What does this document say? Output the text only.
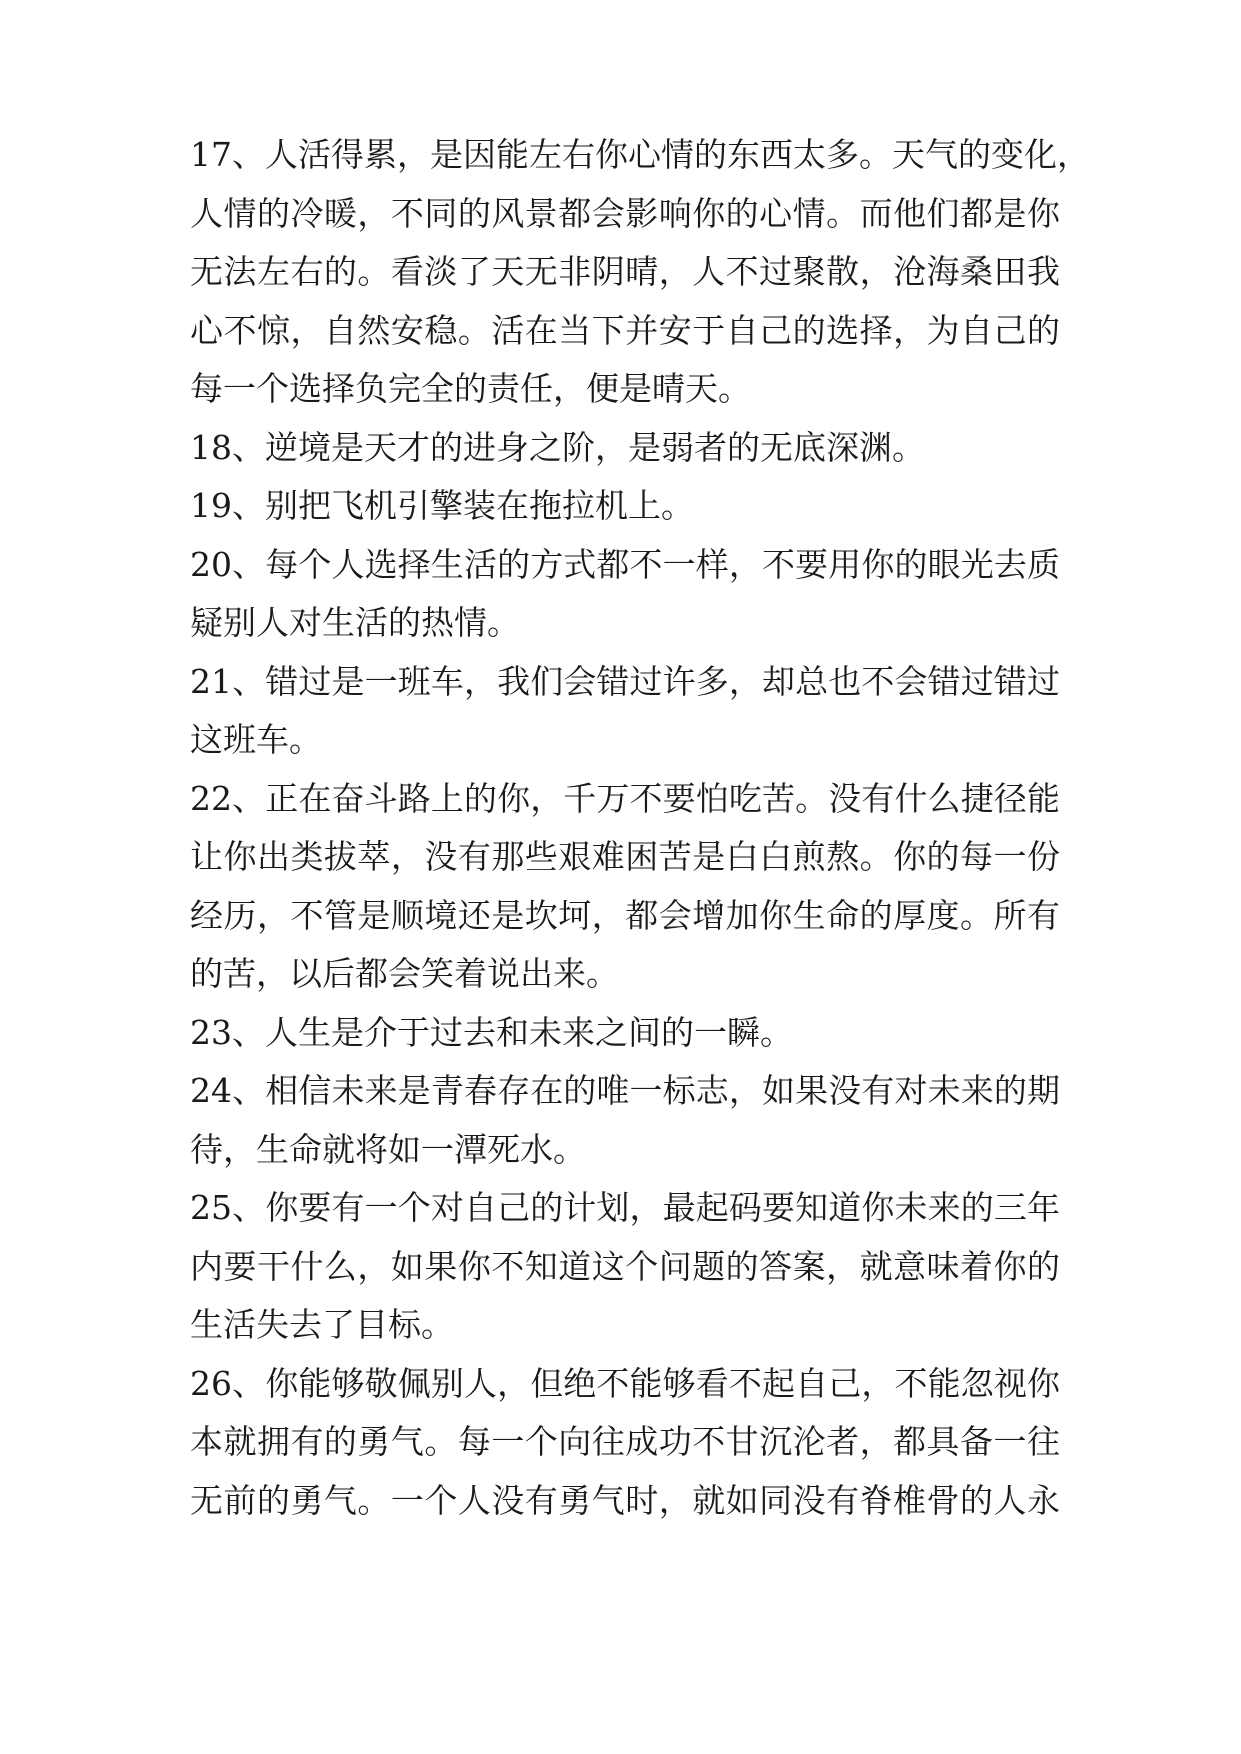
17、人活得累，是因能左右你心情的东西太多。天气的变化，
人情的冷暖，不同的风景都会影响你的心情。而他们都是你
无法左右的。看淡了天无非阴晴，人不过聚散，沧海桑田我
心不惊，自然安稳。活在当下并安于自己的选择，为自己的
每一个选择负完全的责任，便是晴天。
18、逆境是天才的进身之阶，是弱者的无底深渊。
19、别把飞机引擎装在拖拉机上。
20、每个人选择生活的方式都不一样，不要用你的眼光去质
疑别人对生活的热情。
21、错过是一班车，我们会错过许多，却总也不会错过错过
这班车。
22、正在奋斗路上的你，千万不要怕吃苦。没有什么捷径能
让你出类拔萃，没有那些艰难困苦是白白煎熬。你的每一份
经历，不管是顺境还是坎坷，都会增加你生命的厚度。所有
的苦，以后都会笑着说出来。
23、人生是介于过去和未来之间的一瞬。
24、相信未来是青春存在的唯一标志，如果没有对未来的期
待，生命就将如一潭死水。
25、你要有一个对自己的计划，最起码要知道你未来的三年
内要干什么，如果你不知道这个问题的答案，就意味着你的
生活失去了目标。
26、你能够敬佩别人，但绝不能够看不起自己，不能忽视你
本就拥有的勇气。每一个向往成功不甘沉沦者，都具备一往
无前的勇气。一个人没有勇气时，就如同没有脊椎骨的人永
